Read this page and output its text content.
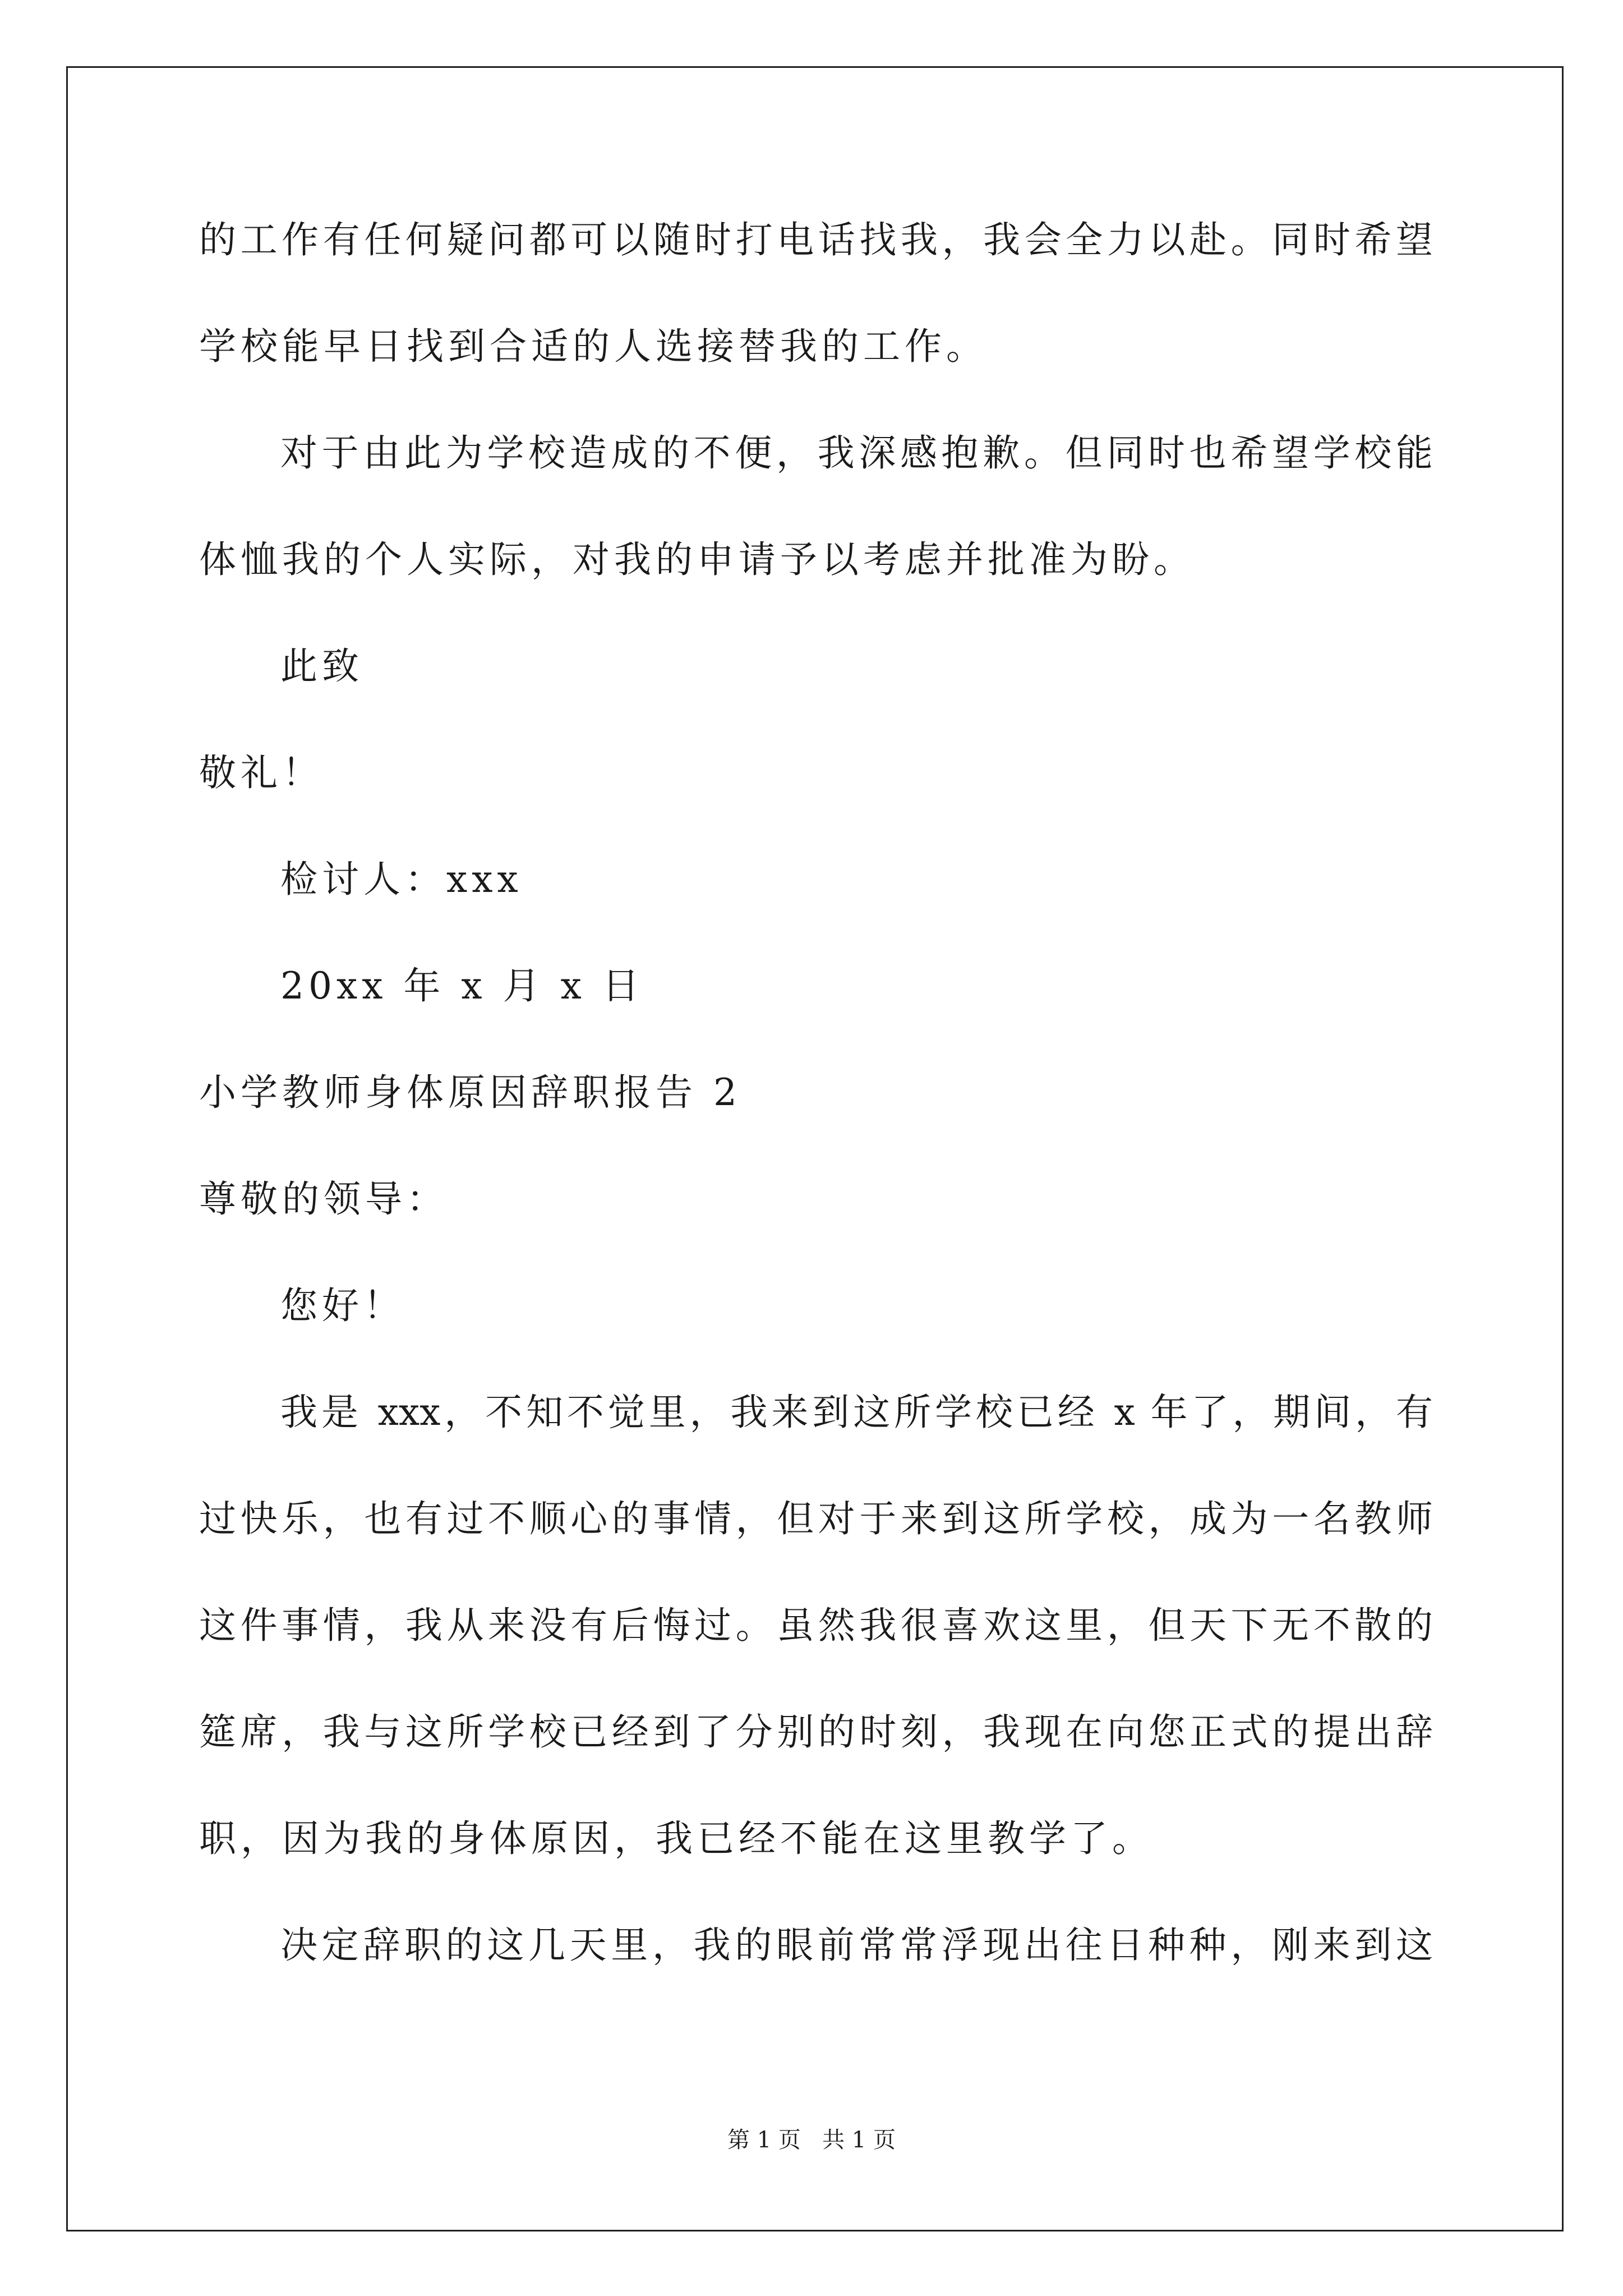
的工作有任何疑问都可以随时打电话找我，我会全力以赴。同时希望
学校能早日找到合适的人选接替我的工作。
对于由此为学校造成的不便，我深感抱歉。但同时也希望学校能
体恤我的个人实际，对我的申请予以考虑并批准为盼。
此致
敬礼！
检讨人：xxx
20xx 年 x 月 x 日
小学教师身体原因辞职报告 2
尊敬的领导：
您好！
我是 xxx，不知不觉里，我来到这所学校已经 x 年了，期间，有
过快乐，也有过不顺心的事情，但对于来到这所学校，成为一名教师
这件事情，我从来没有后悔过。虽然我很喜欢这里，但天下无不散的
筵席，我与这所学校已经到了分别的时刻，我现在向您正式的提出辞
职，因为我的身体原因，我已经不能在这里教学了。
决定辞职的这几天里，我的眼前常常浮现出往日种种，刚来到这
第 1 页   共 1 页
